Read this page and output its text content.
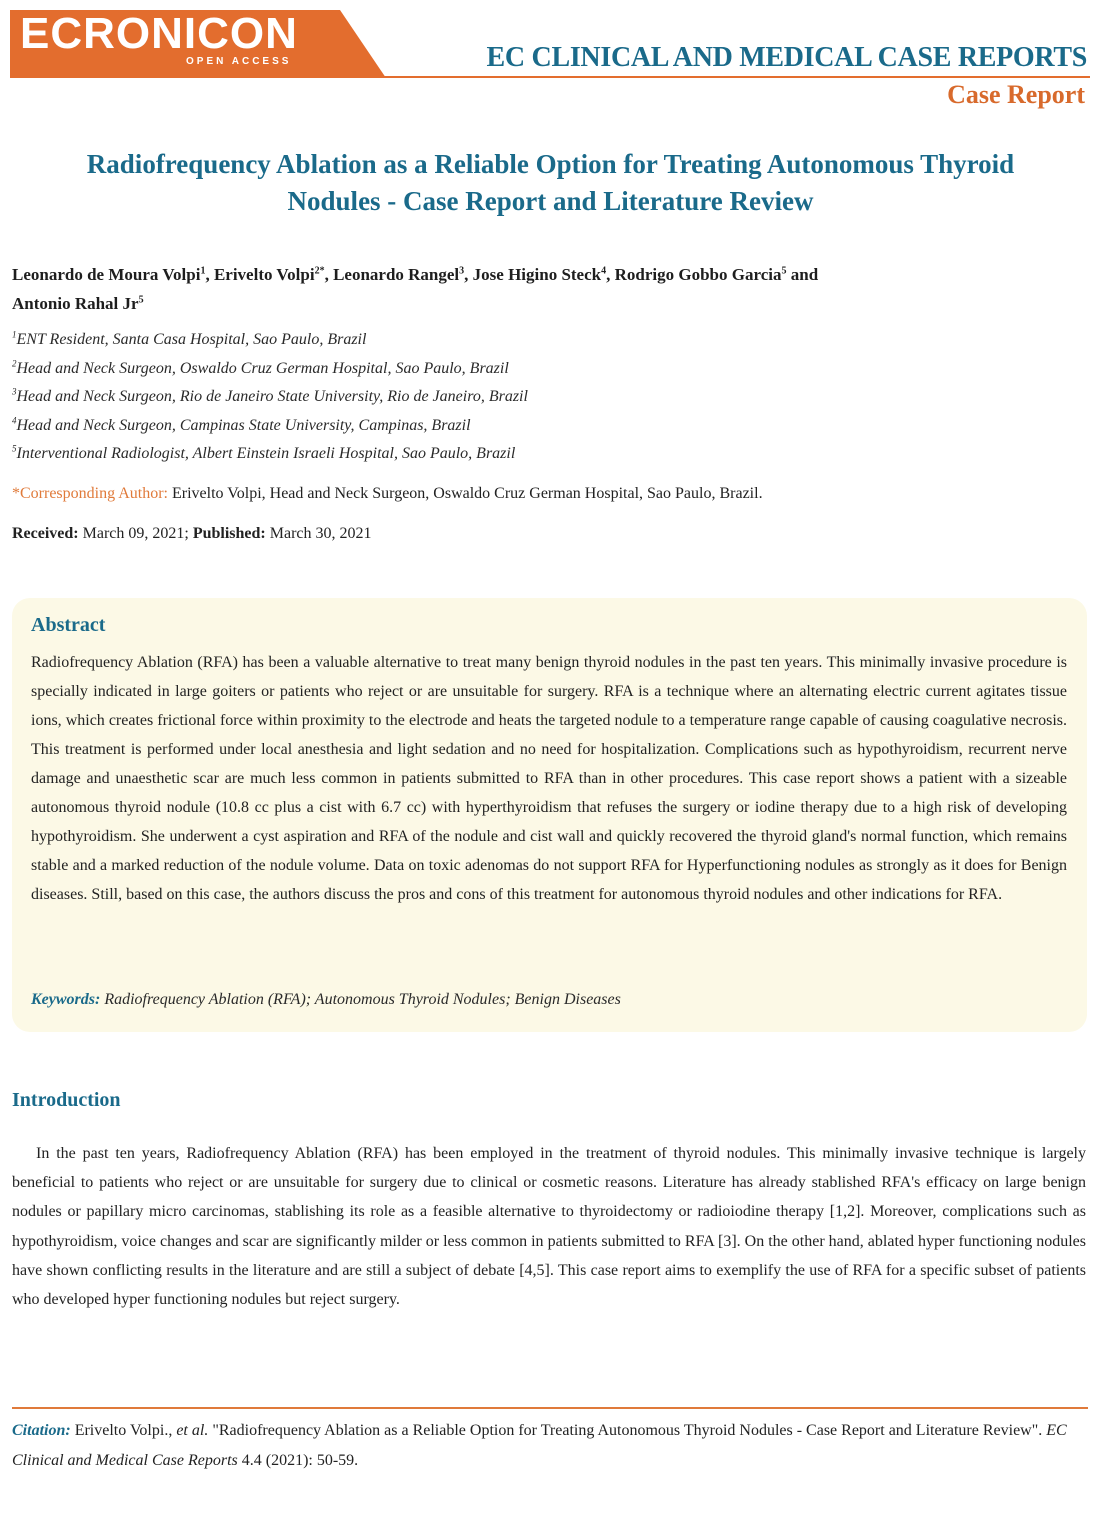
ECRONICON
OPEN ACCESS	EC CLINICAL AND MEDICAL CASE REPORTS
Case Report
Radiofrequency Ablation as a Reliable Option for Treating Autonomous Thyroid Nodules - Case Report and Literature Review
Leonardo de Moura Volpi$^1$, Erivelto Volpi$^{2*}$, Leonardo Rangel$^3$, Jose Higino Steck$^4$, Rodrigo Gobbo Garcia$^5$ and
Antonio Rahal Jr$^5$
$^1$ENT Resident, Santa Casa Hospital, Sao Paulo, Brazil
$^2$Head and Neck Surgeon, Oswaldo Cruz German Hospital, Sao Paulo, Brazil
$^3$Head and Neck Surgeon, Rio de Janeiro State University, Rio de Janeiro, Brazil
$^4$Head and Neck Surgeon, Campinas State University, Campinas, Brazil
$^5$Interventional Radiologist, Albert Einstein Israeli Hospital, Sao Paulo, Brazil
*Corresponding Author: Erivelto Volpi, Head and Neck Surgeon, Oswaldo Cruz German Hospital, Sao Paulo, Brazil.
Received: March 09, 2021; Published: March 30, 2021
Abstract
Radiofrequency Ablation (RFA) has been a valuable alternative to treat many benign thyroid nodules in the past ten years. This minimally invasive procedure is specially indicated in large goiters or patients who reject or are unsuitable for surgery. RFA is a technique where an alternating electric current agitates tissue ions, which creates frictional force within proximity to the electrode and heats the targeted nodule to a temperature range capable of causing coagulative necrosis. This treatment is performed under local anesthesia and light sedation and no need for hospitalization. Complications such as hypothyroidism, recurrent nerve damage and unaesthetic scar are much less common in patients submitted to RFA than in other procedures. This case report shows a patient with a sizeable autonomous thyroid nodule (10.8 cc plus a cist with 6.7 cc) with hyperthyroidism that refuses the surgery or iodine therapy due to a high risk of developing hypothyroidism. She underwent a cyst aspiration and RFA of the nodule and cist wall and quickly recovered the thyroid gland's normal function, which remains stable and a marked reduction of the nodule volume. Data on toxic adenomas do not support RFA for Hyperfunctioning nodules as strongly as it does for Benign diseases. Still, based on this case, the authors discuss the pros and cons of this treatment for autonomous thyroid nodules and other indications for RFA.
Keywords: Radiofrequency Ablation (RFA); Autonomous Thyroid Nodules; Benign Diseases
Introduction
In the past ten years, Radiofrequency Ablation (RFA) has been employed in the treatment of thyroid nodules. This minimally invasive technique is largely beneficial to patients who reject or are unsuitable for surgery due to clinical or cosmetic reasons. Literature has already stablished RFA's efficacy on large benign nodules or papillary micro carcinomas, stablishing its role as a feasible alternative to thyroidectomy or radioiodine therapy [1,2]. Moreover, complications such as hypothyroidism, voice changes and scar are significantly milder or less common in patients submitted to RFA [3]. On the other hand, ablated hyper functioning nodules have shown conflicting results in the literature and are still a subject of debate [4,5]. This case report aims to exemplify the use of RFA for a specific subset of patients who developed hyper functioning nodules but reject surgery.
Citation: Erivelto Volpi., et al. "Radiofrequency Ablation as a Reliable Option for Treating Autonomous Thyroid Nodules - Case Report and Literature Review". EC Clinical and Medical Case Reports 4.4 (2021): 50-59.
